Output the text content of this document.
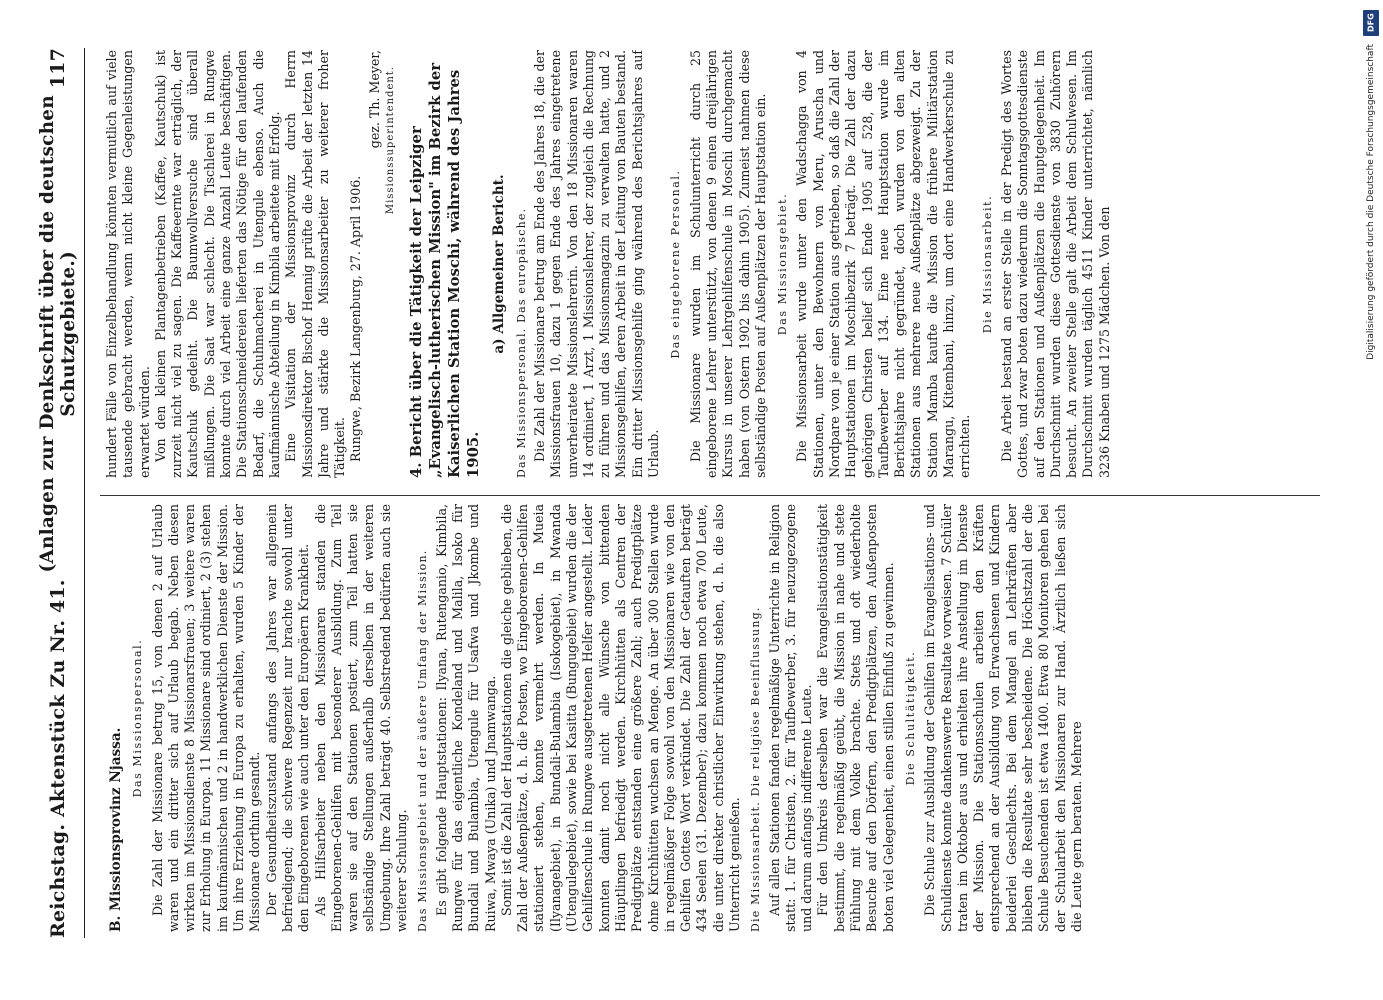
Reichstag. Aktenstück Zu Nr. 41.
(Anlagen zur Denkschrift über die deutschen Schutzgebiete.)
117
B. Missionsprovinz Njassa.
Das Missionspersonal. Die Zahl der Missionare betrug 15, von denen 2 auf Urlaub waren und ein dritter sich auf Urlaub begab. Neben diesen wirkten im Missionsdienste 8 Missionarsfrauen; 3 weitere waren zur Erholung in Europa. 11 Missionare sind ordiniert, 2 (3) stehen im kaufmännischen und 2 in handwerklichen Dienste der Mission. Um ihre Erziehung in Europa zu erhalten, wurden 5 Kinder der Missionare dorthin gesandt. Der Gesundheitszustand anfangs des Jahres war allgemein befriedigend; die schwere Regenzeit nur brachte sowohl unter den Eingeborenen wie auch unter den Europäern Krankheit. Als Hilfsarbeiter neben den Missionaren standen die Eingeborenen-Gehilfen mit besonderer Ausbildung. Zum Teil waren sie auf den Stationen postiert, zum Teil hatten sie selbständige Stellungen außerhalb derselben in der weiteren Umgebung. Ihre Zahl beträgt 40. Selbstredend bedürfen auch sie weiterer Schulung. Das Missionsgebiet und der äußere Umfang der Mission. Es gibt folgende Hauptstationen: Ilyana, Rutenganio, Kimbila, Rungwe für das eigentliche Kondeland und Malila, Isoko für Bundali und Bulambia, Utengule für Usafwa und Jkombe und Ruiwa, Mwaya (Unika) und Jnamwanga. Somit ist die Zahl der Hauptstationen die gleiche geblieben, die Zahl der Außenplätze, d. h. die Posten, wo Eingeborenen-Gehilfen stationiert stehen, konnte vermehrt werden. In Mueia (Ilyanagebiet), in Bundali-Bulambia (Isokogebiet), in Mwanda (Utengulegebiet), sowie bei Kasitta (Bungugebiet) wurden die der Gehilfenschule in Rungwe ausgetretenen Helfer angestellt. Leider konnten damit noch nicht alle Wünsche von bittenden Häuptlingen befriedigt werden. Kirchhütten als Centren der Predigtplätze entstanden eine größere Zahl; auch Predigtplätze ohne Kirchhütten wuchsen an Menge. An über 300 Stellen wurde in regelmäßiger Folge sowohl von den Missionaren wie von den Gehilfen Gottes Wort verkündet. Die Zahl der Getauften beträgt 434 Seelen (31. Dezember); dazu kommen noch etwa 700 Leute, die unter direkter christlicher Einwirkung stehen, d. h. die also Unterricht genießen. Die Missionsarbeit. Die religiöse Beeinflussung. Auf allen Stationen fanden regelmäßige Unterrichte in Religion statt: 1. für Christen, 2. für Taufbewerber, 3. für neuzugezogene und darum anfangs indifferente Leute. Für den Umkreis derselben war die Evangelisationstätigkeit bestimmt, die regelmäßig geübt, die Mission in nahe und stete Fühlung mit dem Volke brachte. Stets und oft wiederholte Besuche auf den Dörfern, den Predigtplätzen, den Außenposten boten viel Gelegenheit, einen stillen Einfluß zu gewinnen. Die Schultätigkeit. Die Schule zur Ausbildung der Gehilfen im Evangelisations- und Schuldienste konnte dankenswerte Resultate vorweisen. 7 Schüler traten im Oktober aus und erhielten ihre Anstellung im Dienste der Mission. Die Stationsschulen arbeiten den Kräften entsprechend an der Ausbildung von Erwachsenen und Kindern beiderlei Geschlechts. Bei dem Mangel an Lehrkräften aber blieben die Resultate sehr bescheidene. Die Höchstzahl der die Schule Besuchenden ist etwa 1400. Etwa 80 Monitoren gehen bei der Schularbeit den Missionaren zur Hand. Ärztlich ließen sich die Leute gern beraten. Mehrere

hundert Fälle von Einzelbehandlung könnten vermutlich auf viele tausende gebracht werden, wenn nicht kleine Gegenleistungen erwartet würden. Von den kleinen Plantagenbetrieben (Kaffee, Kautschuk) ist zurzeit nicht viel zu sagen. Die Kaffeeernte war erträglich, der Kautschuk gedeiht. Die Baumwollversuche sind überall mißlungen. Die Saat war schlecht. Die Tischlerei in Rungwe konnte durch viel Arbeit eine ganze Anzahl Leute beschäftigen. Die Stationsschneidereien lieferten das Nötige für den laufenden Bedarf, die Schuhmacherei in Utengule ebenso. Auch die kaufmännische Abteilung in Kimbila arbeitete mit Erfolg. Eine Visitation der Missionsprovinz durch Herrn Missionsdirektor Bischof Hennig prüfte die Arbeit der letzten 14 Jahre und stärkte die Missionsarbeiter zu weiterer froher Tätigkeit. Rungwe, Bezirk Langenburg, 27. April 1906.

gez. Th. Meyer, Missionssuperintendent. 4. Bericht über die Tätigkeit der Leipziger „Evangelisch-lutherischen Mission" im Bezirk der Kaiserlichen Station Moschi, während des Jahres 1905.
a) Allgemeiner Bericht. Das Missionspersonal. Das europäische. Die Zahl der Missionare betrug am Ende des Jahres 18, die der Missionsfrauen 10, dazu 1 gegen Ende des Jahres eingetretene unverheiratete Missionslehrerin. Von den 18 Missionaren waren 14 ordiniert, 1 Arzt, 1 Missionslehrer, der zugleich die Rechnung zu führen und das Missionsmagazin zu verwalten hatte, und 2 Missionsgehilfen, deren Arbeit in der Leitung von Bauten bestand. Ein dritter Missionsgehilfe ging während des Berichtsjahres auf Urlaub.

Das eingeborene Personal. Die Missionare wurden im Schulunterricht durch 25 eingeborene Lehrer unterstützt, von denen 9 einen dreijährigen Kursus in unserer Lehrgehilfenschule in Moschi durchgemacht haben (von Ostern 1902 bis dahin 1905). Zumeist nahmen diese selbständige Posten auf Außenplätzen der Hauptstation ein. Das Missionsgebiet. Die Missionsarbeit wurde unter den Wadschagga von 4 Stationen, unter den Bewohnern von Meru, Aruscha und Nordpare von je einer Station aus getrieben, so daß die Zahl der Hauptstationen im Moschibezirk 7 beträgt. Die Zahl der dazu gehörigen Christen belief sich Ende 1905 auf 528, die der Taufbewerber auf 134. Eine neue Hauptstation wurde im Berichtsjahre nicht gegründet, doch wurden von den alten Stationen aus mehrere neue Außenplätze abgezweigt. Zu der Station Mamba kaufte die Mission die frühere Militärstation Marangu, Kitembani, hinzu, um dort eine Handwerkerschule zu errichten.

Die Missionsarbeit. Die Arbeit bestand an erster Stelle in der Predigt des Wortes Gottes, und zwar boten dazu wiederum die Sonntagsgottesdienste auf den Stationen und Außenplätzen die Hauptgelegenheit. Im Durchschnitt wurden diese Gottesdienste von 3830 Zuhörern besucht. An zweiter Stelle galt die Arbeit dem Schulwesen. Im Durchschnitt wurden täglich 4511 Kinder unterrichtet, nämlich 3236 Knaben und 1275 Mädchen. Von den

DFG
Digitalisierung gefördert durch die Deutsche Forschungsgemeinschaft
